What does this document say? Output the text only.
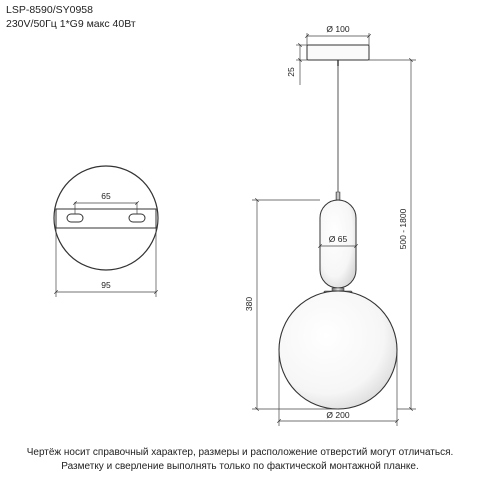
LSP-8590/SY0958
230V/50Гц 1*G9 макс 40Вт
65
95
Ø 100
25
Ø 65
Ø 200
380
500 - 1800
Чертёж носит справочный характер, размеры и расположение отверстий могут отличаться.
Разметку и сверление выполнять только по фактической монтажной планке.
